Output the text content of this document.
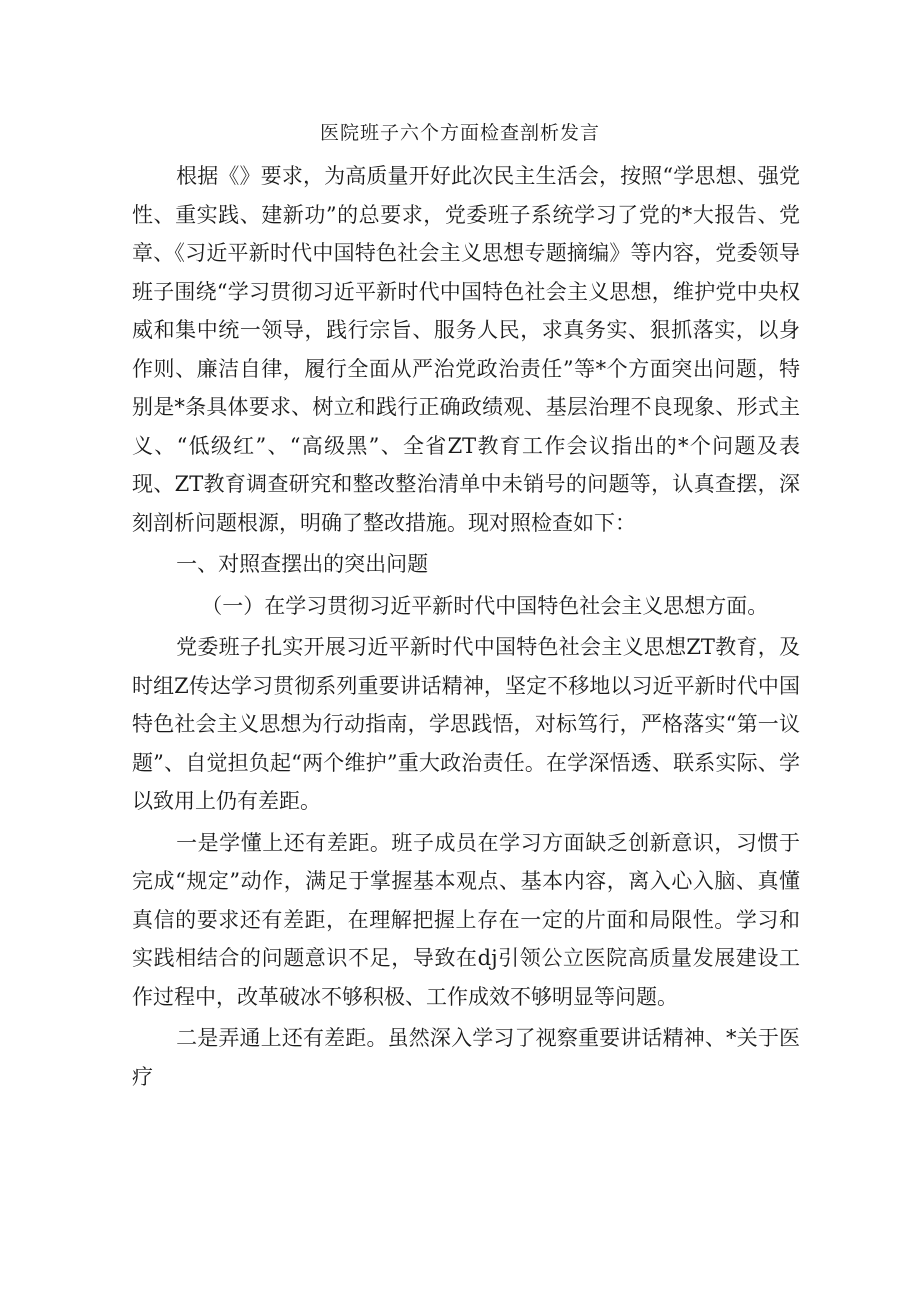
医院班子六个方面检查剖析发言

根据《》要求，为高质量开好此次民主生活会，按照“学思想、强党性、重实践、建新功”的总要求，党委班子系统学习了党的*大报告、党章、《习近平新时代中国特色社会主义思想专题摘编》等内容，党委领导班子围绕“学习贯彻习近平新时代中国特色社会主义思想，维护党中央权威和集中统一领导，践行宗旨、服务人民，求真务实、狠抓落实，以身作则、廉洁自律，履行全面从严治党政治责任”等*个方面突出问题，特别是*条具体要求、树立和践行正确政绩观、基层治理不良现象、形式主义、“低级红”、“高级黑”、全省ZT教育工作会议指出的*个问题及表现、ZT教育调查研究和整改整治清单中未销号的问题等，认真查摆，深刻剖析问题根源，明确了整改措施。现对照检查如下：

一、对照查摆出的突出问题

（一）在学习贯彻习近平新时代中国特色社会主义思想方面。

党委班子扎实开展习近平新时代中国特色社会主义思想ZT教育，及时组Z传达学习贯彻系列重要讲话精神，坚定不移地以习近平新时代中国特色社会主义思想为行动指南，学思践悟，对标笃行，严格落实“第一议题”、自觉担负起“两个维护”重大政治责任。在学深悟透、联系实际、学以致用上仍有差距。

一是学懂上还有差距。班子成员在学习方面缺乏创新意识，习惯于完成“规定”动作，满足于掌握基本观点、基本内容，离入心入脑、真懂真信的要求还有差距，在理解把握上存在一定的片面和局限性。学习和实践相结合的问题意识不足，导致在dj引领公立医院高质量发展建设工作过程中，改革破冰不够积极、工作成效不够明显等问题。

二是弄通上还有差距。虽然深入学习了视察重要讲话精神、*关于医疗
